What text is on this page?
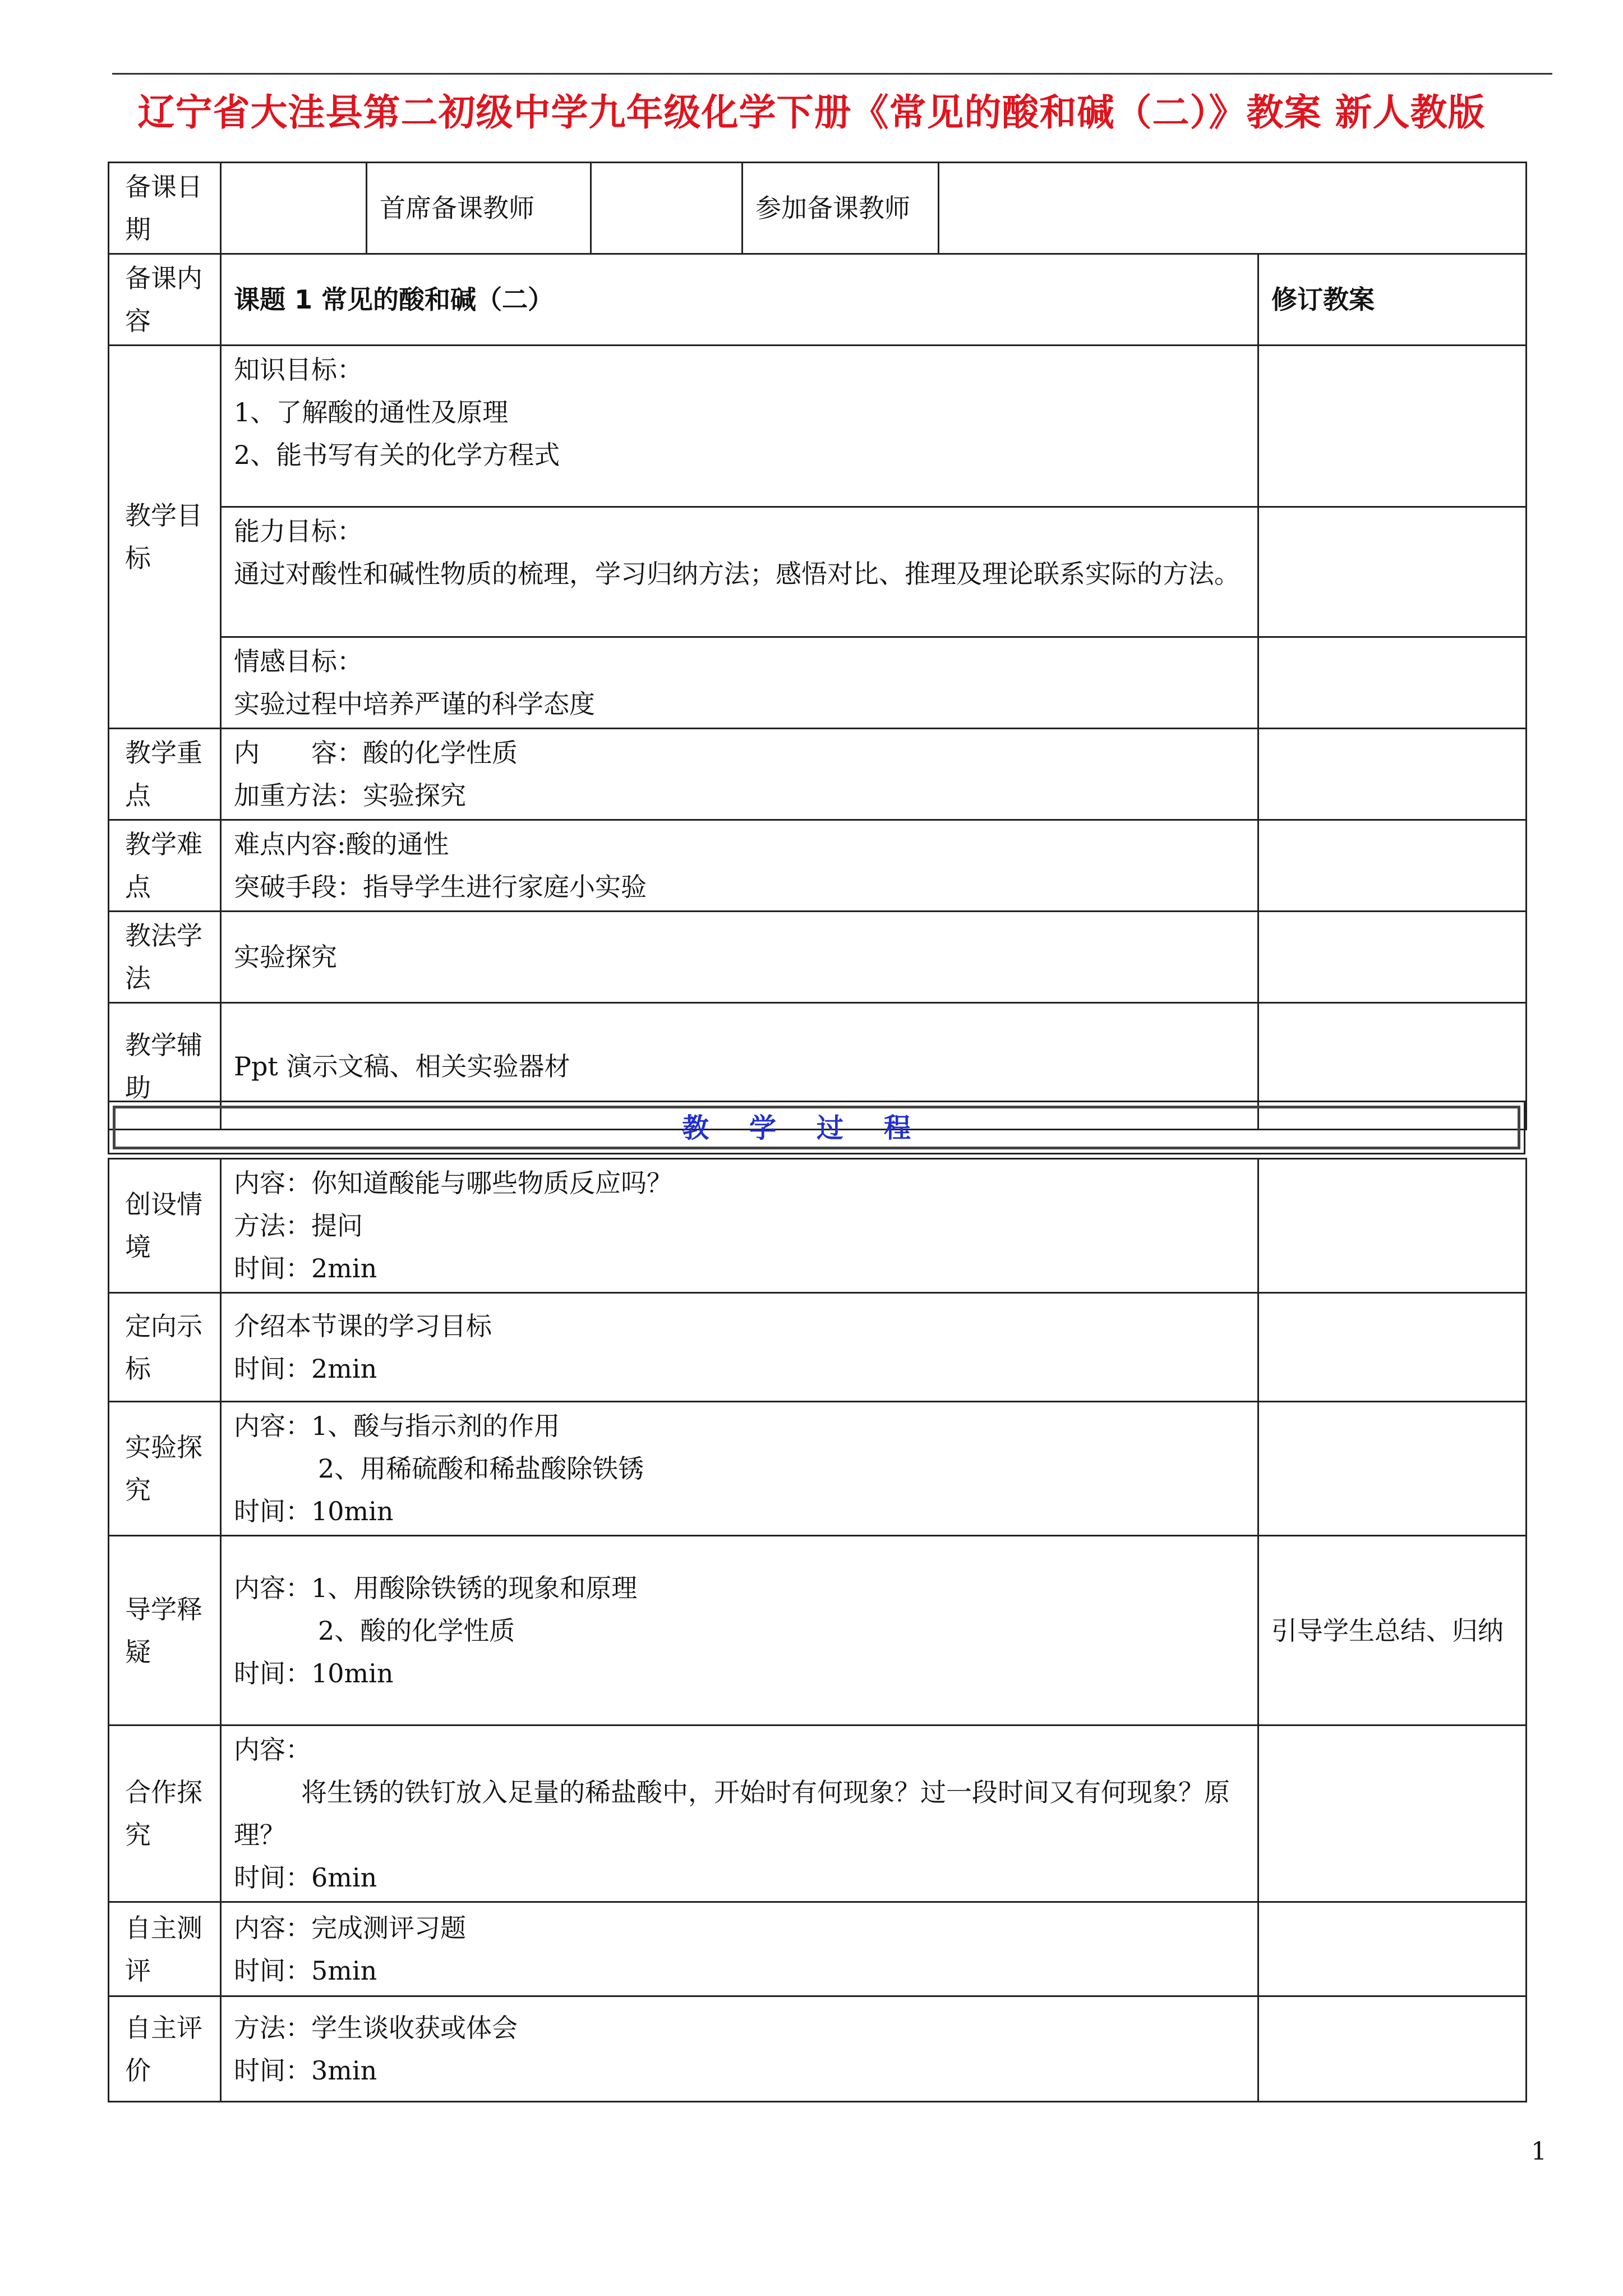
辽宁省大洼县第二初级中学九年级化学下册《常见的酸和碱（二）》教案 新人教版
备课日期		首席备课教师		参加备课教师		
备课内容	课题 1 常见的酸和碱（二）					修订教案
教学目标	知识目标：
1、了解酸的通性及原理
2、能书写有关的化学方程式					

	能力目标：
通过对酸性和碱性物质的梳理，学习归纳方法；感悟对比、推理及理论联系实际的方法。					

	情感目标：
实验过程中培养严谨的科学态度					

教学重点	内　　容：酸的化学性质
加重方法：实验探究					

教学难点	难点内容:酸的通性
突破手段：指导学生进行家庭小实验					

教法学法	实验探究					
教学辅助	Ppt 演示文稿、相关实验器材					
教学过程
创设情境	内容：你知道酸能与哪些物质反应吗？
方法：提问
时间：2min	

定向示标	介绍本节课的学习目标
时间：2min	

实验探究	内容：1、酸与指示剂的作用
2、用稀硫酸和稀盐酸除铁锈
时间：10min	

导学释疑	内容：1、用酸除铁锈的现象和原理
2、酸的化学性质
时间：10min	引导学生总结、归纳
合作探究	内容：
将生锈的铁钉放入足量的稀盐酸中，开始时有何现象？过一段时间又有何现象？原理？
时间：6min	

自主测评	内容：完成测评习题
时间：5min	

自主评价	方法：学生谈收获或体会
时间：3min	

1
